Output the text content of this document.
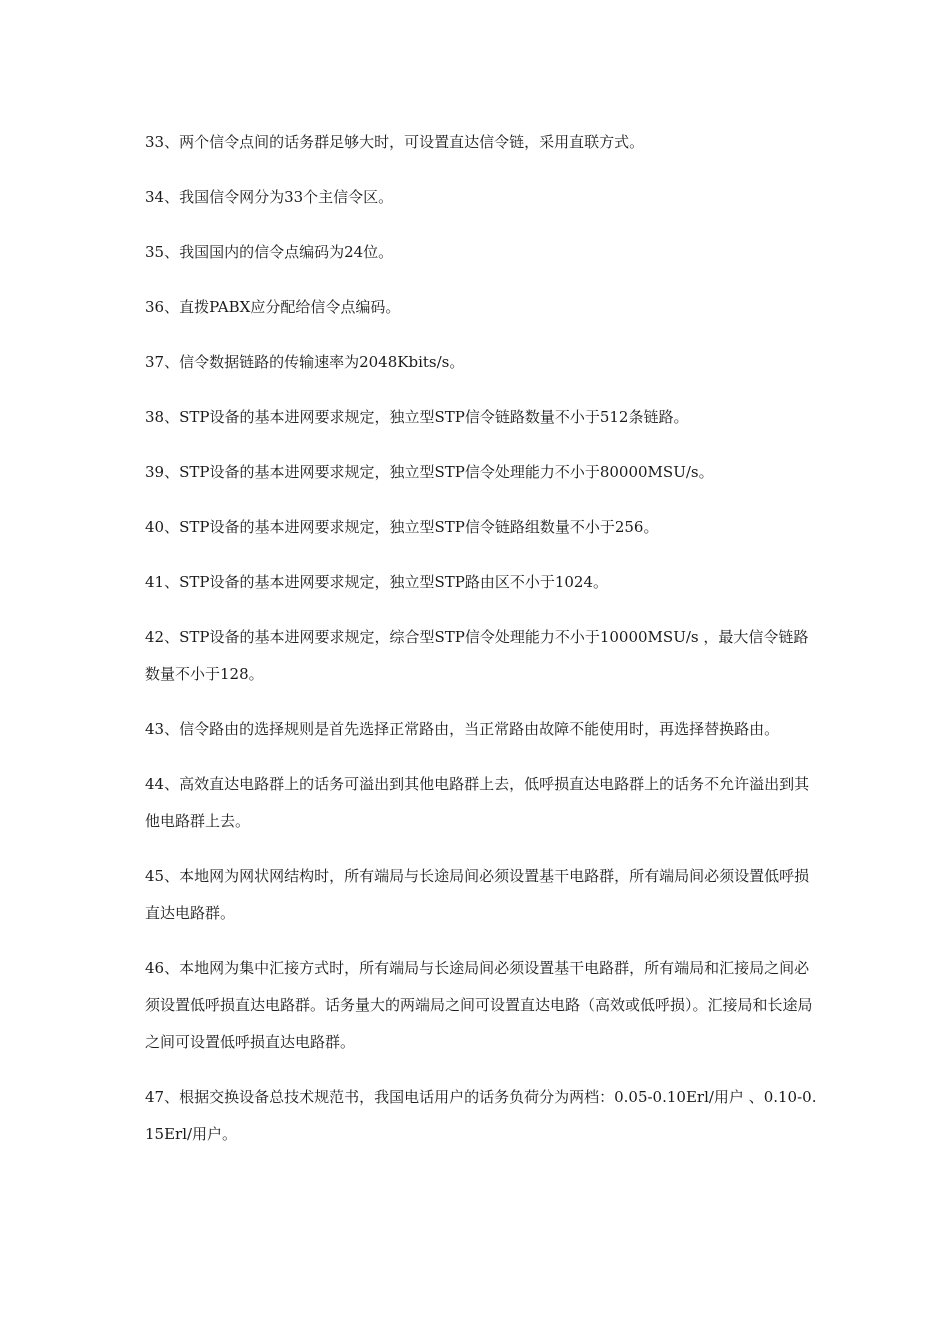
33、两个信令点间的话务群足够大时，可设置直达信令链，采用直联方式。

34、我国信令网分为33个主信令区。

35、我国国内的信令点编码为24位。

36、直拨PABX应分配给信令点编码。

37、信令数据链路的传输速率为2048Kbits/s。

38、STP设备的基本进网要求规定，独立型STP信令链路数量不小于512条链路。

39、STP设备的基本进网要求规定，独立型STP信令处理能力不小于80000MSU/s。

40、STP设备的基本进网要求规定，独立型STP信令链路组数量不小于256。

41、STP设备的基本进网要求规定，独立型STP路由区不小于1024。

42、STP设备的基本进网要求规定，综合型STP信令处理能力不小于10000MSU/s ，最大信令链路数量不小于128。

43、信令路由的选择规则是首先选择正常路由，当正常路由故障不能使用时，再选择替换路由。

44、高效直达电路群上的话务可溢出到其他电路群上去，低呼损直达电路群上的话务不允许溢出到其他电路群上去。

45、本地网为网状网结构时，所有端局与长途局间必须设置基干电路群，所有端局间必须设置低呼损直达电路群。

46、本地网为集中汇接方式时，所有端局与长途局间必须设置基干电路群，所有端局和汇接局之间必须设置低呼损直达电路群。话务量大的两端局之间可设置直达电路（高效或低呼损）。汇接局和长途局之间可设置低呼损直达电路群。

47、根据交换设备总技术规范书，我国电话用户的话务负荷分为两档：0.05-0.10Erl/用户 、0.10-0.15Erl/用户。
